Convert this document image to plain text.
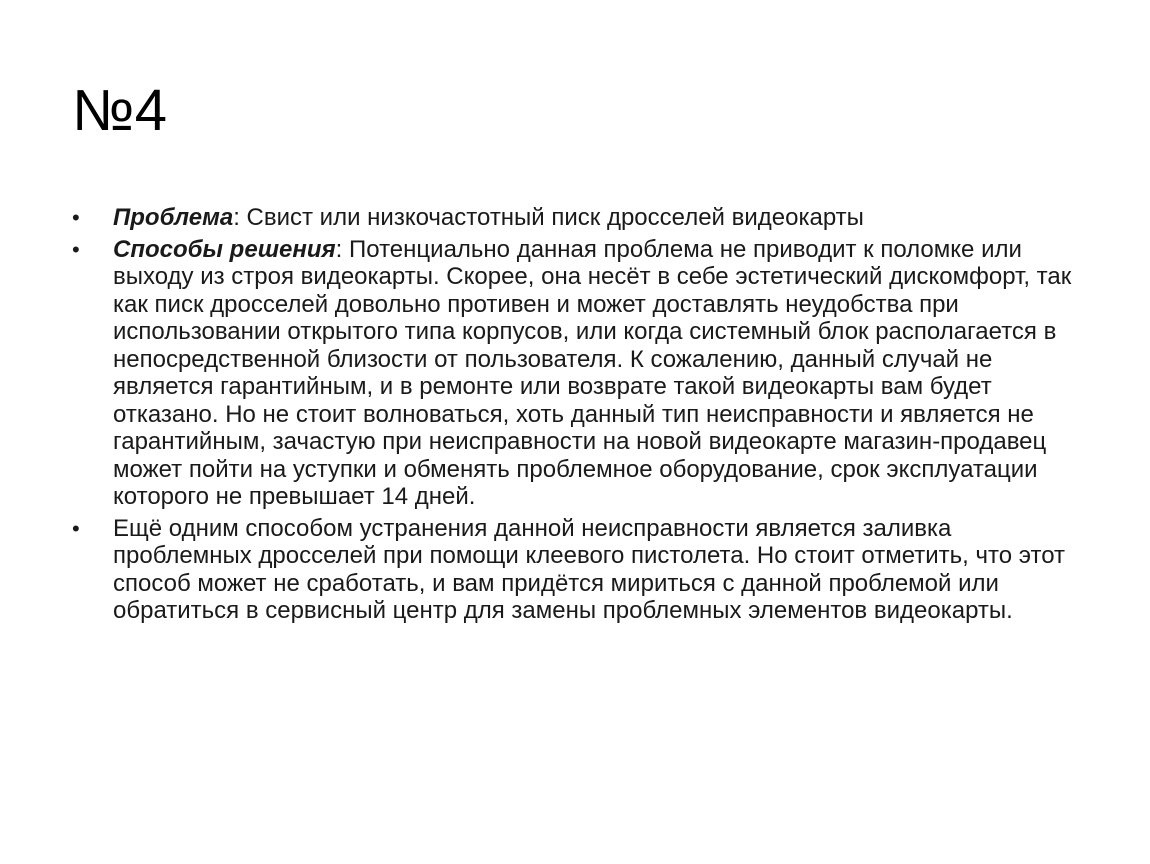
№4
•	Проблема: Свист или низкочастотный писк дросселей видеокарты
•	Способы решения: Потенциально данная проблема не приводит к поломке или выходу из строя видеокарты. Скорее, она несёт в себе эстетический дискомфорт, так как писк дросселей довольно противен и может доставлять неудобства при использовании открытого типа корпусов, или когда системный блок располагается в непосредственной близости от пользователя. К сожалению, данный случай не является гарантийным, и в ремонте или возврате такой видеокарты вам будет отказано. Но не стоит волноваться, хоть данный тип неисправности и является не гарантийным, зачастую при неисправности на новой видеокарте магазин-продавец может пойти на уступки и обменять проблемное оборудование, срок эксплуатации которого не превышает 14 дней.
•	Ещё одним способом устранения данной неисправности является заливка проблемных дросселей при помощи клеевого пистолета. Но стоит отметить, что этот способ может не сработать, и вам придётся мириться с данной проблемой или обратиться в сервисный центр для замены проблемных элементов видеокарты.
